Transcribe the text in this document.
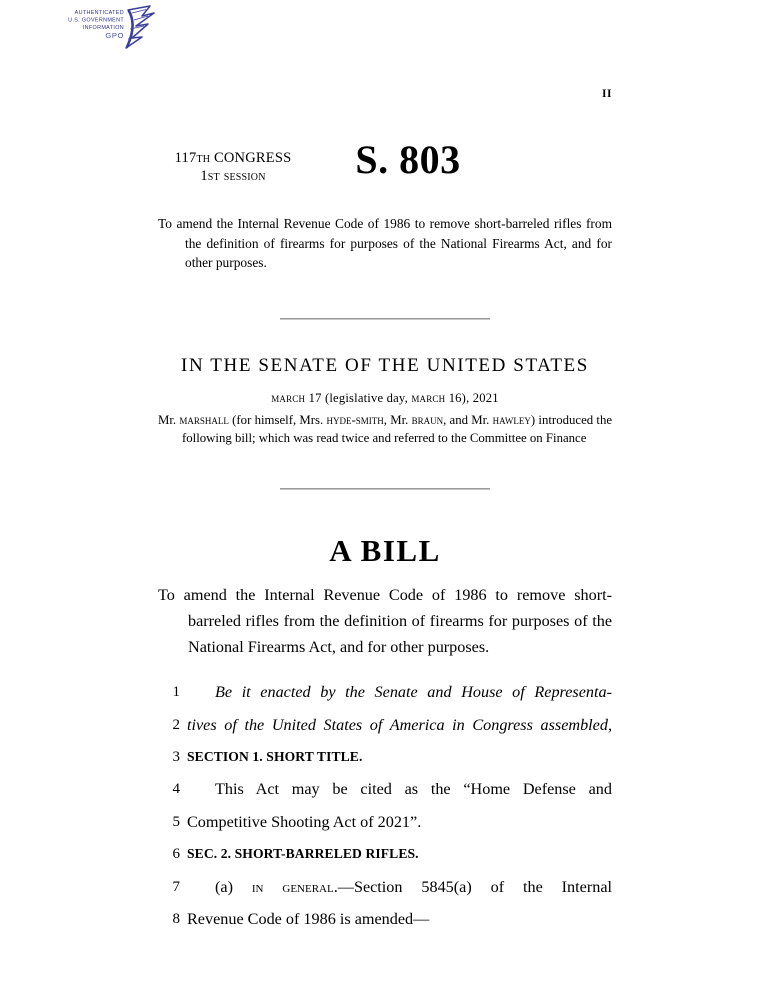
AUTHENTICATED
U.S. GOVERNMENT
INFORMATION
GPO
II
117th CONGRESS
1st session	S. 803
To amend the Internal Revenue Code of 1986 to remove short-barreled rifles from the definition of firearms for purposes of the National Firearms Act, and for other purposes.
IN THE SENATE OF THE UNITED STATES
march 17 (legislative day, march 16), 2021
Mr. marshall (for himself, Mrs. hyde-smith, Mr. braun, and Mr. hawley) introduced the following bill; which was read twice and referred to the Committee on Finance
A BILL
To amend the Internal Revenue Code of 1986 to remove short-barreled rifles from the definition of firearms for purposes of the National Firearms Act, and for other purposes.
1	Be it enacted by the Senate and House of Representa-
2 tives of the United States of America in Congress assembled,
3 SECTION 1. SHORT TITLE.
4	This Act may be cited as the “Home Defense and
5 Competitive Shooting Act of 2021”.
6 SEC. 2. SHORT-BARRELED RIFLES.
7	(a) in general.—Section 5845(a) of the Internal
8 Revenue Code of 1986 is amended—
